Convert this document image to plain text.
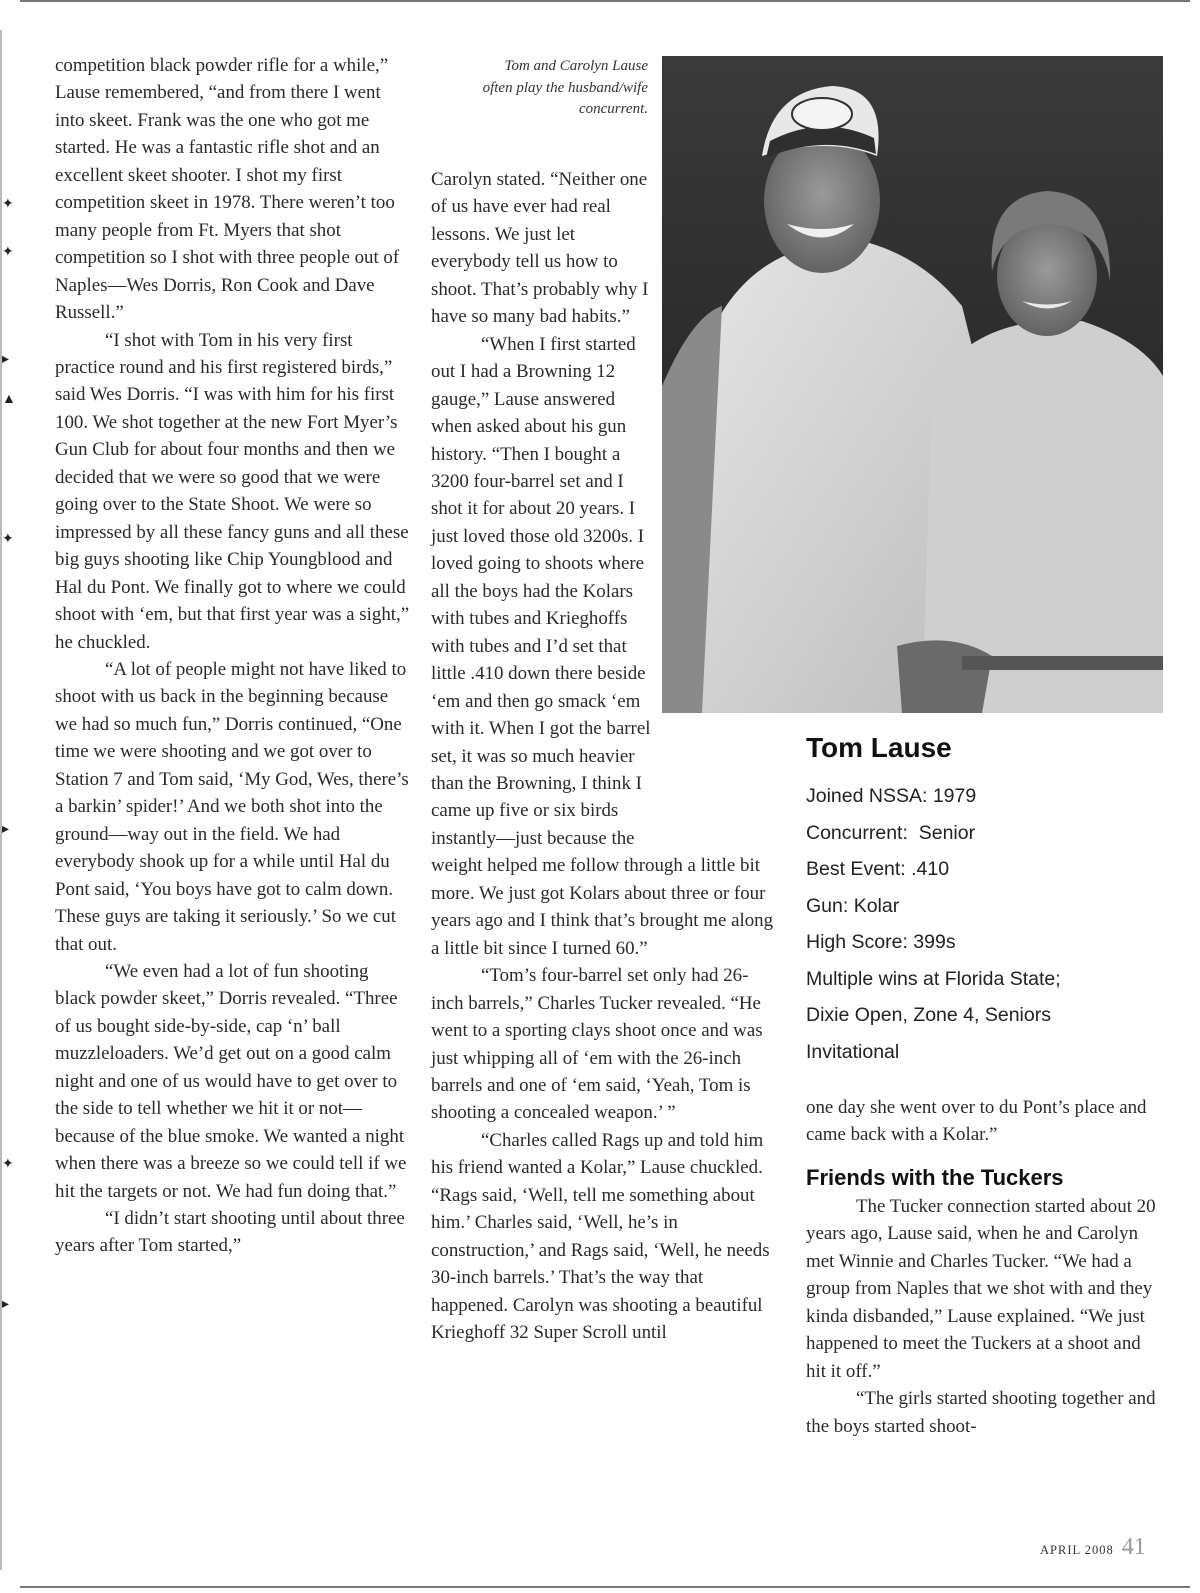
✦
✦
▸
▲
✦
▸
✦
▸

competition black powder rifle for a while,” Lause remembered, “and from there I went into skeet. Frank was the one who got me started. He was a fantastic rifle shot and an excellent skeet shooter. I shot my first competition skeet in 1978. There weren’t too many people from Ft. Myers that shot competition so I shot with three people out of Naples—Wes Dorris, Ron Cook and Dave Russell.”

“I shot with Tom in his very first practice round and his first registered birds,” said Wes Dorris. “I was with him for his first 100. We shot together at the new Fort Myer’s Gun Club for about four months and then we decided that we were so good that we were going over to the State Shoot. We were so impressed by all these fancy guns and all these big guys shooting like Chip Youngblood and Hal du Pont. We finally got to where we could shoot with ‘em, but that first year was a sight,” he chuckled.

“A lot of people might not have liked to shoot with us back in the beginning because we had so much fun,” Dorris continued, “One time we were shooting and we got over to Station 7 and Tom said, ‘My God, Wes, there’s a barkin’ spider!’ And we both shot into the ground—way out in the field. We had everybody shook up for a while until Hal du Pont said, ‘You boys have got to calm down. These guys are taking it seriously.’ So we cut that out.

“We even had a lot of fun shooting black powder skeet,” Dorris revealed. “Three of us bought side-by-side, cap ‘n’ ball muzzleloaders. We’d get out on a good calm night and one of us would have to get over to the side to tell whether we hit it or not—because of the blue smoke. We wanted a night when there was a breeze so we could tell if we hit the targets or not. We had fun doing that.”

“I didn’t start shooting until about three years after Tom started,”

Tom and Carolyn Lause often play the husband/wife concurrent.

Carolyn stated. “Neither one of us have ever had real lessons. We just let everybody tell us how to shoot. That’s probably why I have so many bad habits.”

“When I first started out I had a Browning 12 gauge,” Lause answered when asked about his gun history. “Then I bought a 3200 four-barrel set and I shot it for about 20 years. I just loved those old 3200s. I loved going to shoots where all the boys had the Kolars with tubes and Krieghoffs with tubes and I’d set that little .410 down there beside ‘em and then go smack ‘em with it. When I got the barrel set, it was so much heavier than the Browning, I think I came up five or six birds instantly—just because the weight helped me follow through a little bit more. We just got Kolars about three or four years ago and I think that’s brought me along a little bit since I turned 60.”

“Tom’s four-barrel set only had 26-inch barrels,” Charles Tucker revealed. “He went to a sporting clays shoot once and was just whipping all of ‘em with the 26-inch barrels and one of ‘em said, ‘Yeah, Tom is shooting a concealed weapon.’ ”

“Charles called Rags up and told him his friend wanted a Kolar,” Lause chuckled. “Rags said, ‘Well, tell me something about him.’ Charles said, ‘Well, he’s in construction,’ and Rags said, ‘Well, he needs 30-inch barrels.’ That’s the way that happened. Carolyn was shooting a beautiful Krieghoff 32 Super Scroll until

Tom Lause
Joined NSSA: 1979
Concurrent:  Senior
Best Event: .410
Gun: Kolar
High Score: 399s
Multiple wins at Florida State;
Dixie Open, Zone 4, Seniors
Invitational

one day she went over to du Pont’s place and came back with a Kolar.”

Friends with the Tuckers

The Tucker connection started about 20 years ago, Lause said, when he and Carolyn met Winnie and Charles Tucker. “We had a group from Naples that we shot with and they kinda disbanded,” Lause explained. “We just happened to meet the Tuckers at a shoot and hit it off.”

“The girls started shooting together and the boys started shoot-

APRIL 2008 41
